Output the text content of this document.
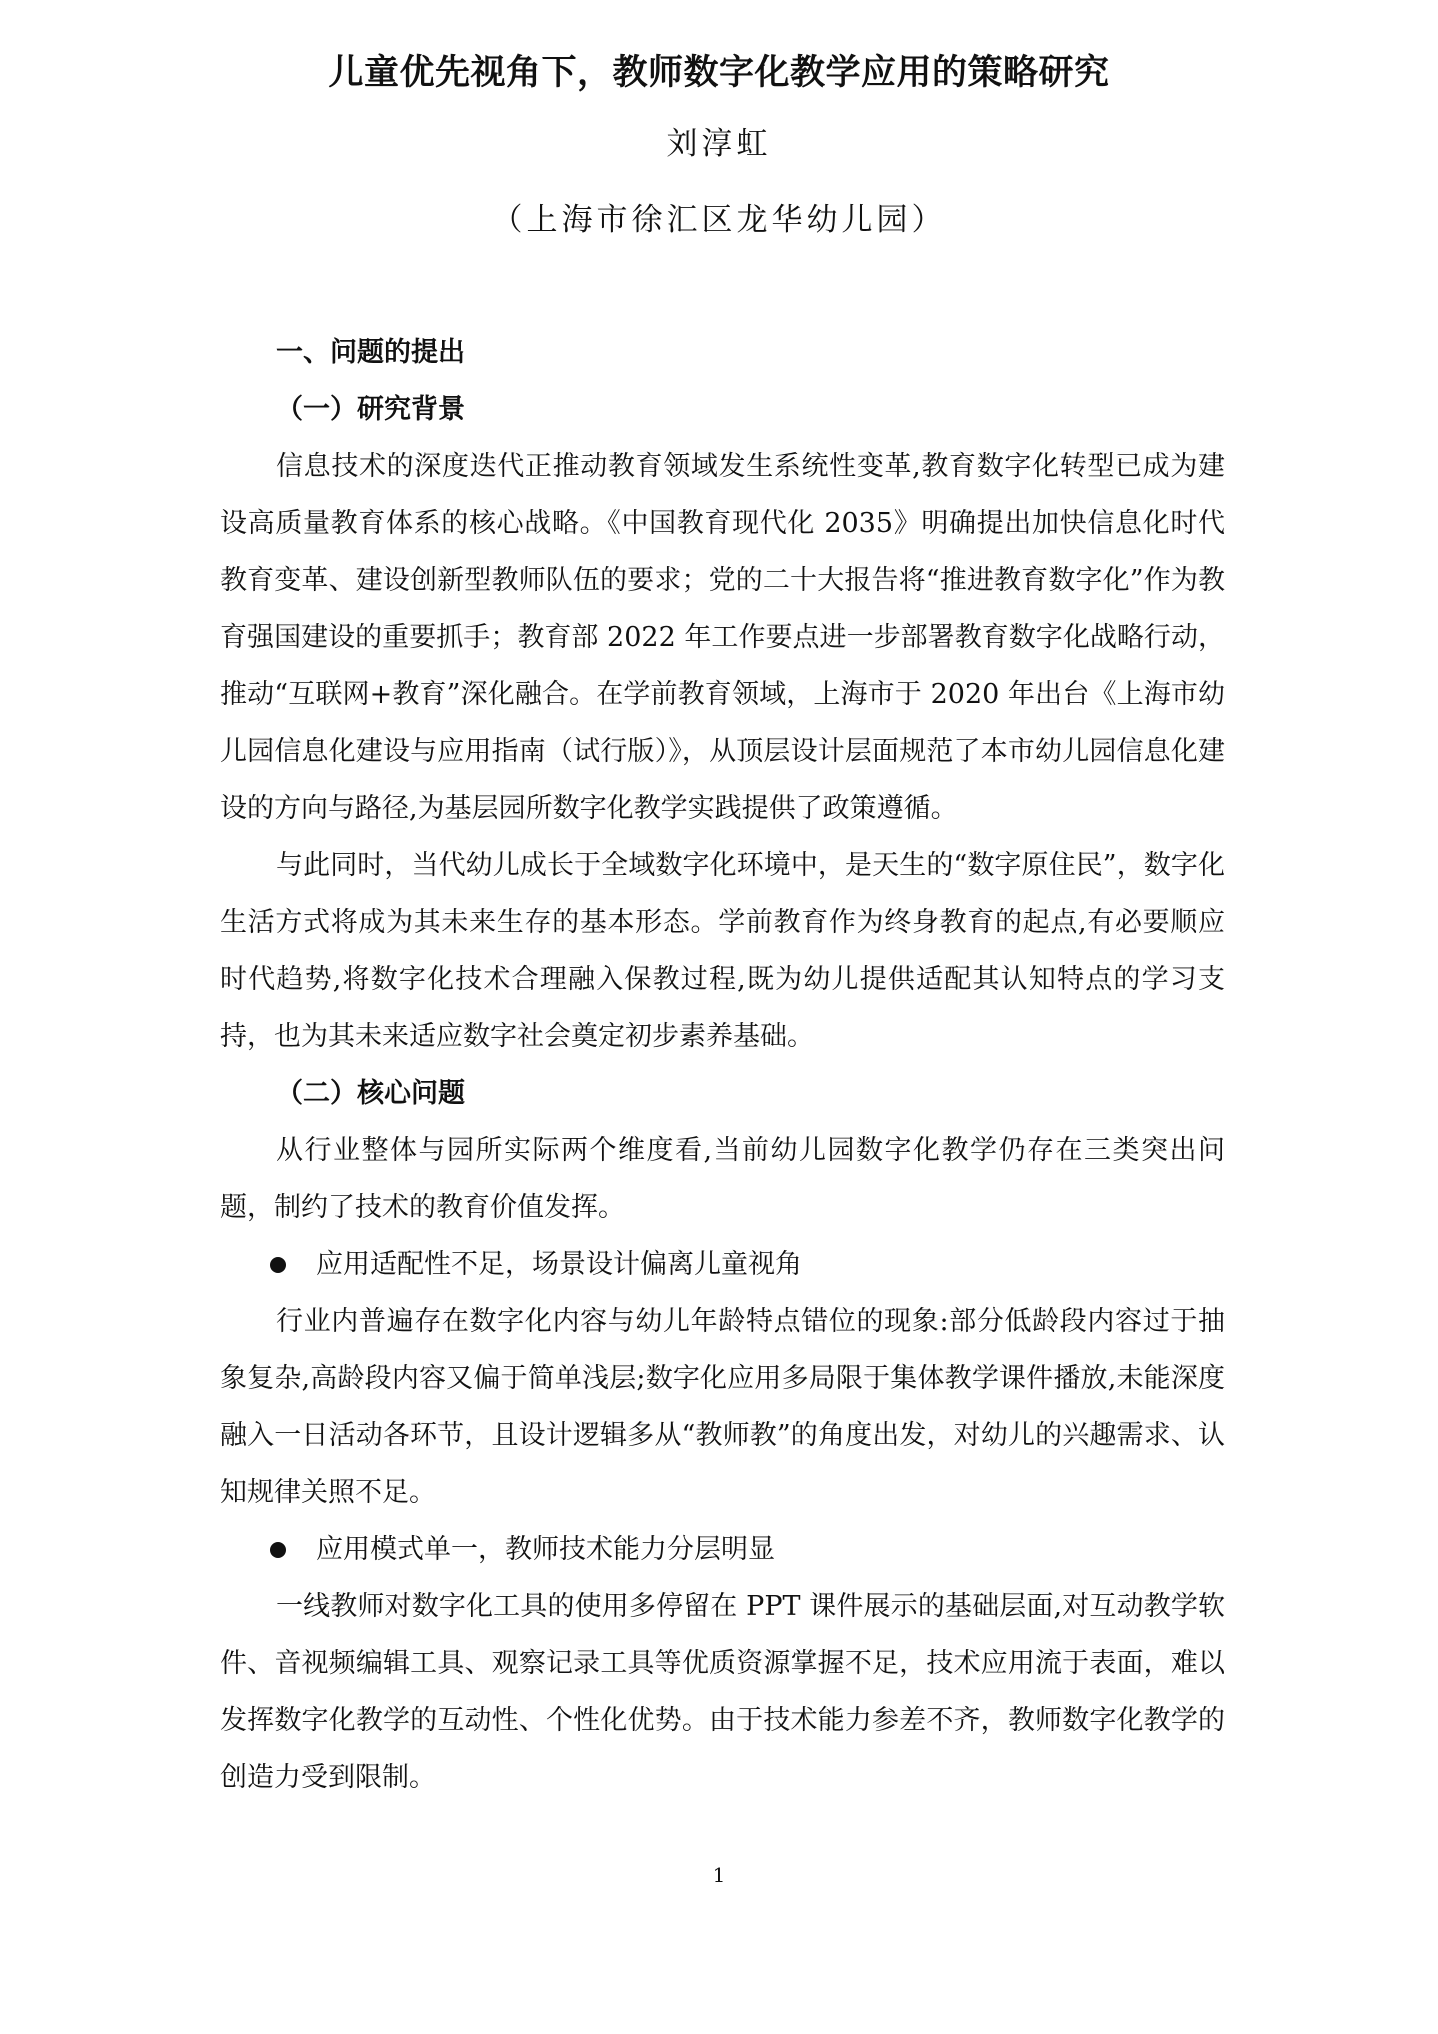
儿童优先视角下，教师数字化教学应用的策略研究
刘淳虹
（上海市徐汇区龙华幼儿园）
一、问题的提出
（一）研究背景

信息技术的深度迭代正推动教育领域发生系统性变革,教育数字化转型已成为建设高质量教育体系的核心战略。《中国教育现代化 2035》明确提出加快信息化时代教育变革、建设创新型教师队伍的要求；党的二十大报告将“推进教育数字化”作为教育强国建设的重要抓手；教育部 2022 年工作要点进一步部署教育数字化战略行动，推动“互联网+教育”深化融合。在学前教育领域，上海市于 2020 年出台《上海市幼儿园信息化建设与应用指南（试行版）》，从顶层设计层面规范了本市幼儿园信息化建设的方向与路径,为基层园所数字化教学实践提供了政策遵循。

与此同时，当代幼儿成长于全域数字化环境中，是天生的“数字原住民”，数字化生活方式将成为其未来生存的基本形态。学前教育作为终身教育的起点,有必要顺应时代趋势,将数字化技术合理融入保教过程,既为幼儿提供适配其认知特点的学习支持，也为其未来适应数字社会奠定初步素养基础。

（二）核心问题

从行业整体与园所实际两个维度看,当前幼儿园数字化教学仍存在三类突出问题，制约了技术的教育价值发挥。

应用适配性不足，场景设计偏离儿童视角

行业内普遍存在数字化内容与幼儿年龄特点错位的现象:部分低龄段内容过于抽象复杂,高龄段内容又偏于简单浅层;数字化应用多局限于集体教学课件播放,未能深度融入一日活动各环节，且设计逻辑多从“教师教”的角度出发，对幼儿的兴趣需求、认知规律关照不足。

应用模式单一，教师技术能力分层明显

一线教师对数字化工具的使用多停留在 PPT 课件展示的基础层面,对互动教学软件、音视频编辑工具、观察记录工具等优质资源掌握不足，技术应用流于表面，难以发挥数字化教学的互动性、个性化优势。由于技术能力参差不齐，教师数字化教学的创造力受到限制。

1
